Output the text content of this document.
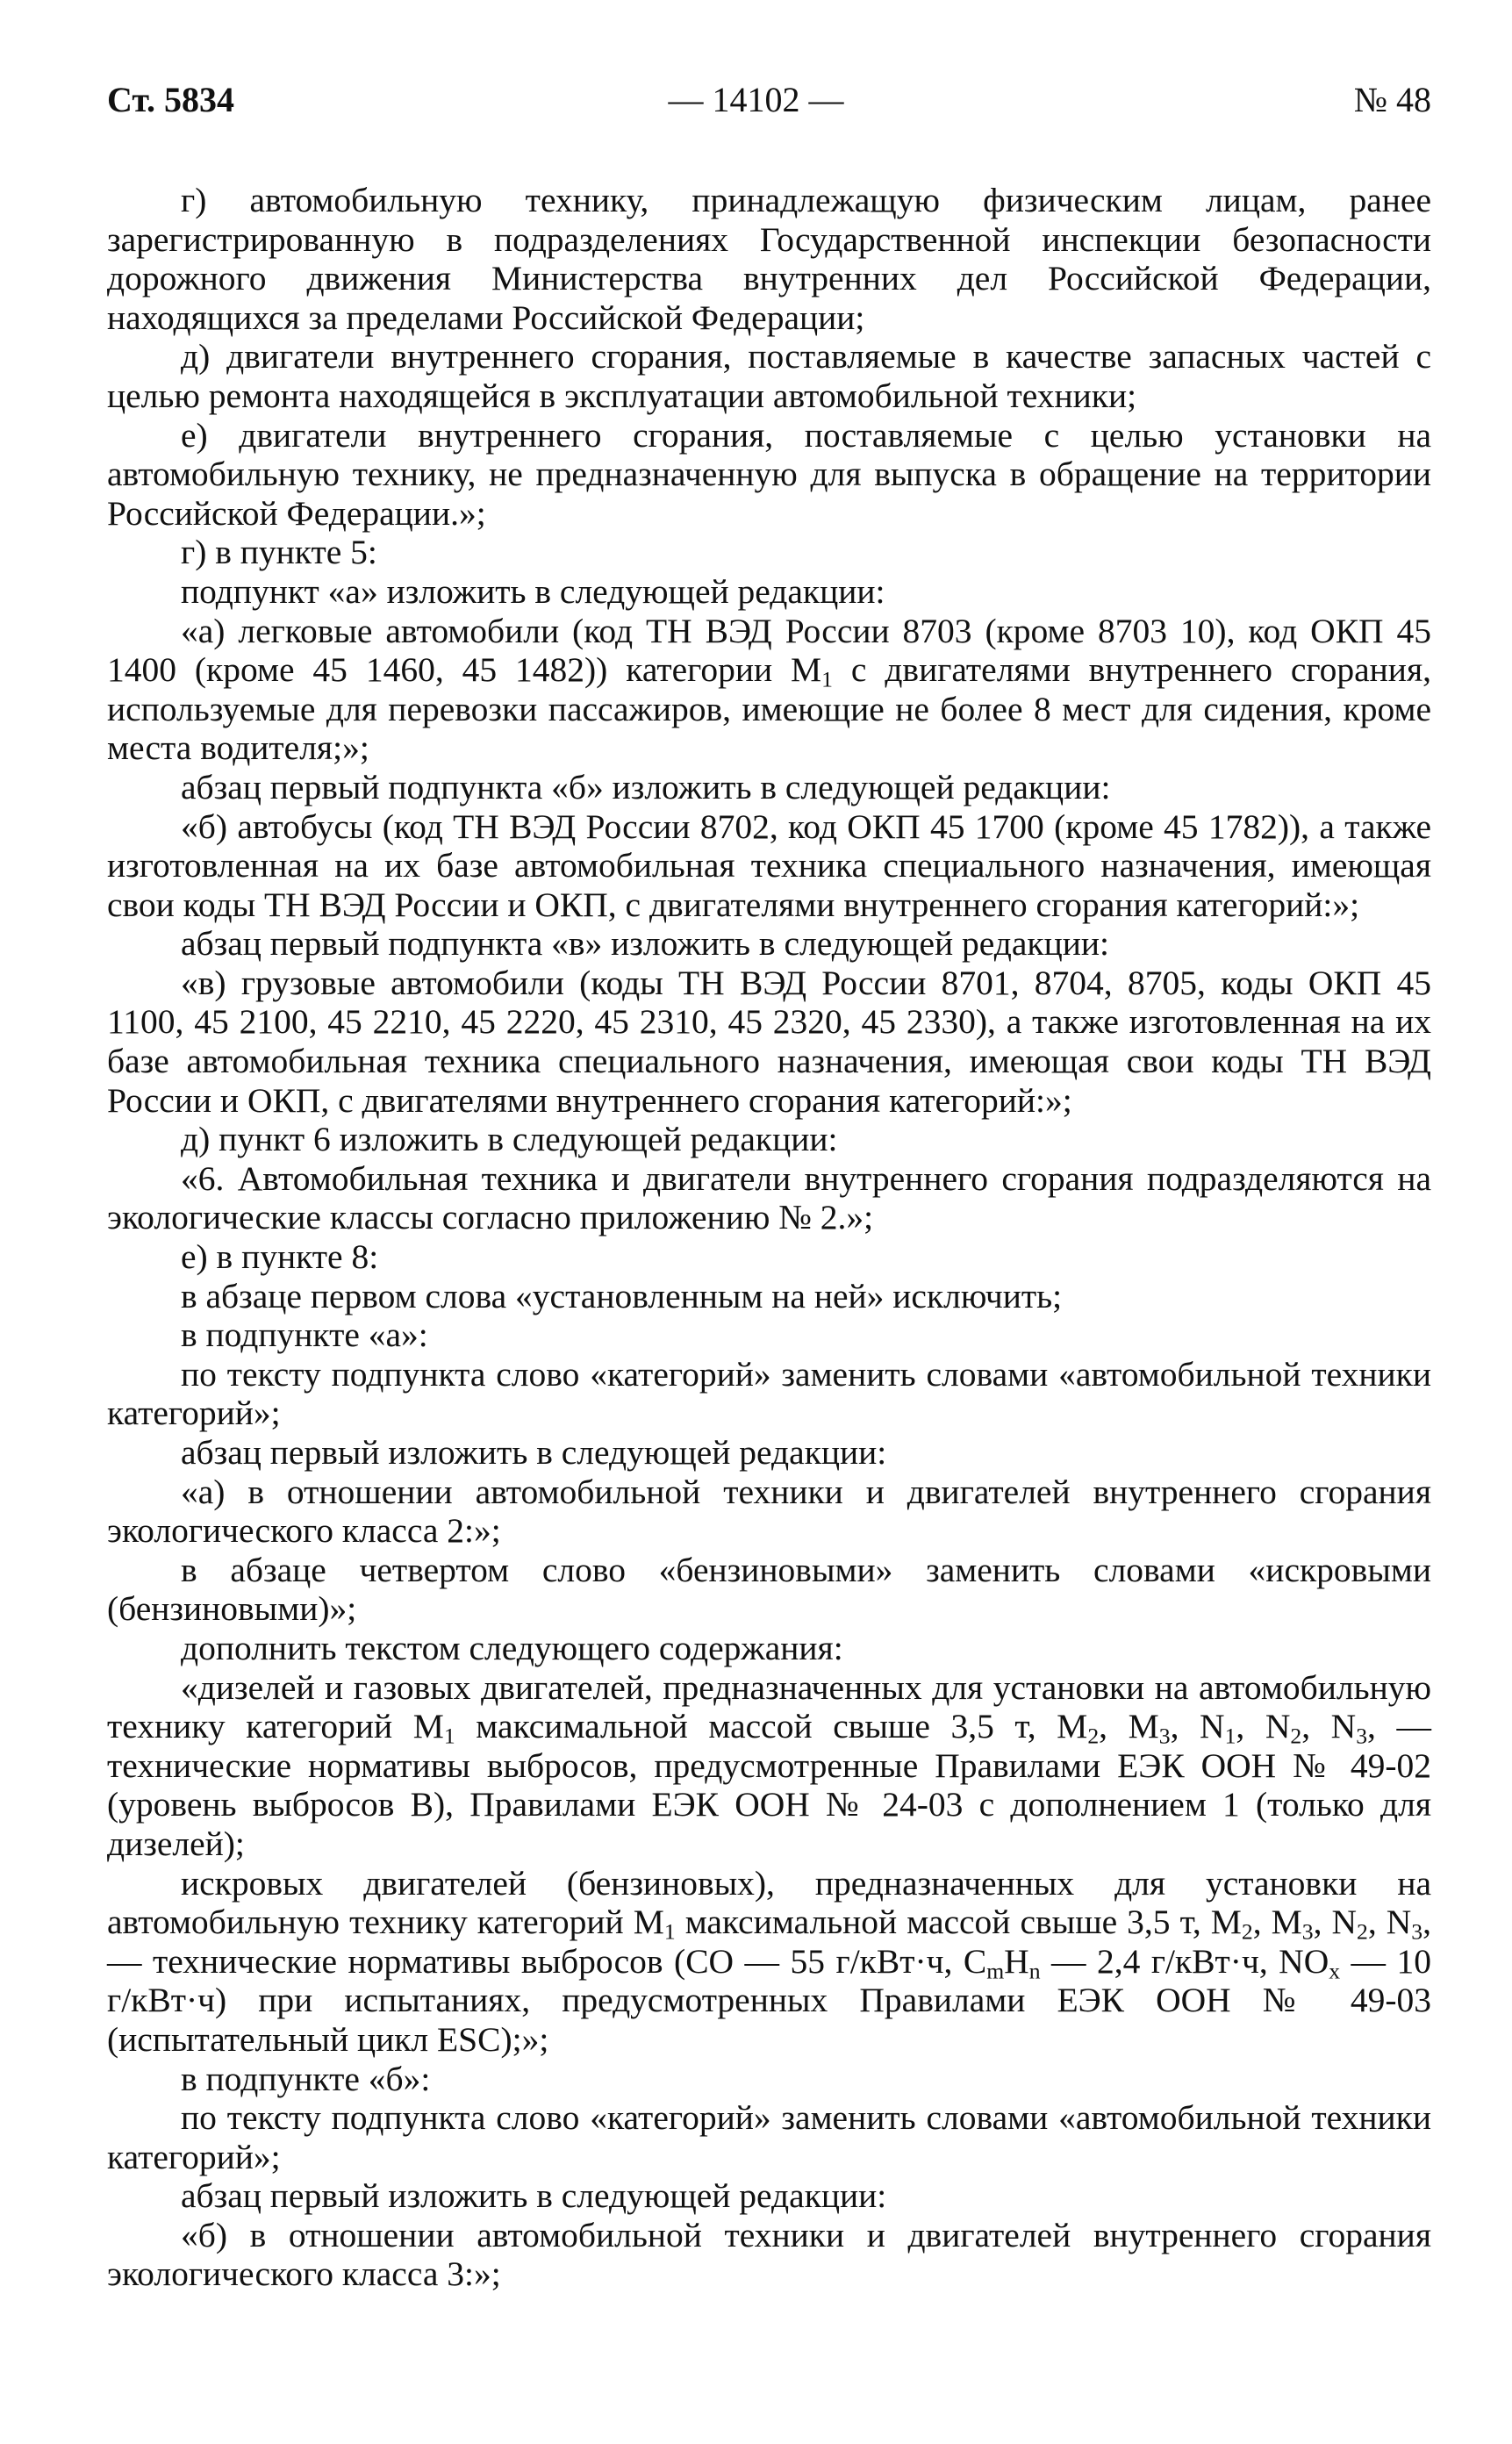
Ст. 5834	№ 48
— 14102 —

г) автомобильную технику, принадлежащую физическим лицам, ранее зарегистрированную в подразделениях Государственной инспекции безопасности дорожного движения Министерства внутренних дел Российской Федерации, находящихся за пределами Российской Федерации;

д) двигатели внутреннего сгорания, поставляемые в качестве запасных частей с целью ремонта находящейся в эксплуатации автомобильной техники;

е) двигатели внутреннего сгорания, поставляемые с целью установки на автомобильную технику, не предназначенную для выпуска в обращение на территории Российской Федерации.»;

г) в пункте 5:

подпункт «а» изложить в следующей редакции:

«а) легковые автомобили (код ТН ВЭД России 8703 (кроме 8703 10), код ОКП 45 1400 (кроме 45 1460, 45 1482)) категории $M_1$ с двигателями внутреннего сгорания, используемые для перевозки пассажиров, имеющие не более 8 мест для сидения, кроме места водителя;»;

абзац первый подпункта «б» изложить в следующей редакции:

«б) автобусы (код ТН ВЭД России 8702, код ОКП 45 1700 (кроме 45 1782)), а также изготовленная на их базе автомобильная техника специального назначения, имеющая свои коды ТН ВЭД России и ОКП, с двигателями внутреннего сгорания категорий:»;

абзац первый подпункта «в» изложить в следующей редакции:

«в) грузовые автомобили (коды ТН ВЭД России 8701, 8704, 8705, коды ОКП 45 1100, 45 2100, 45 2210, 45 2220, 45 2310, 45 2320, 45 2330), а также изготовленная на их базе автомобильная техника специального назначения, имеющая свои коды ТН ВЭД России и ОКП, с двигателями внутреннего сгорания категорий:»;

д) пункт 6 изложить в следующей редакции:

«6. Автомобильная техника и двигатели внутреннего сгорания подразделяются на экологические классы согласно приложению № 2.»;

е) в пункте 8:

в абзаце первом слова «установленным на ней» исключить;

в подпункте «а»:

по тексту подпункта слово «категорий» заменить словами «автомобильной техники категорий»;

абзац первый изложить в следующей редакции:

«а) в отношении автомобильной техники и двигателей внутреннего сгорания экологического класса 2:»;

в абзаце четвертом слово «бензиновыми» заменить словами «искровыми (бензиновыми)»;

дополнить текстом следующего содержания:

«дизелей и газовых двигателей, предназначенных для установки на автомобильную технику категорий $M_1$ максимальной массой свыше 3,5 т, $M_2$, $M_3$, $N_1$, $N_2$, $N_3$, — технические нормативы выбросов, предусмотренные Правилами ЕЭК ООН № 49-02 (уровень выбросов B), Правилами ЕЭК ООН № 24-03 с дополнением 1 (только для дизелей);

искровых двигателей (бензиновых), предназначенных для установки на автомобильную технику категорий $M_1$ максимальной массой свыше 3,5 т, $M_2$, $M_3$, $N_2$, $N_3$, — технические нормативы выбросов (CO — 55 г/кВт·ч, $C_mH_n$ — 2,4 г/кВт·ч, $NO_x$ — 10 г/кВт·ч) при испытаниях, предусмотренных Правилами ЕЭК ООН № 49-03 (испытательный цикл ESC);»;

в подпункте «б»:

по тексту подпункта слово «категорий» заменить словами «автомобильной техники категорий»;

абзац первый изложить в следующей редакции:

«б) в отношении автомобильной техники и двигателей внутреннего сгорания экологического класса 3:»;
